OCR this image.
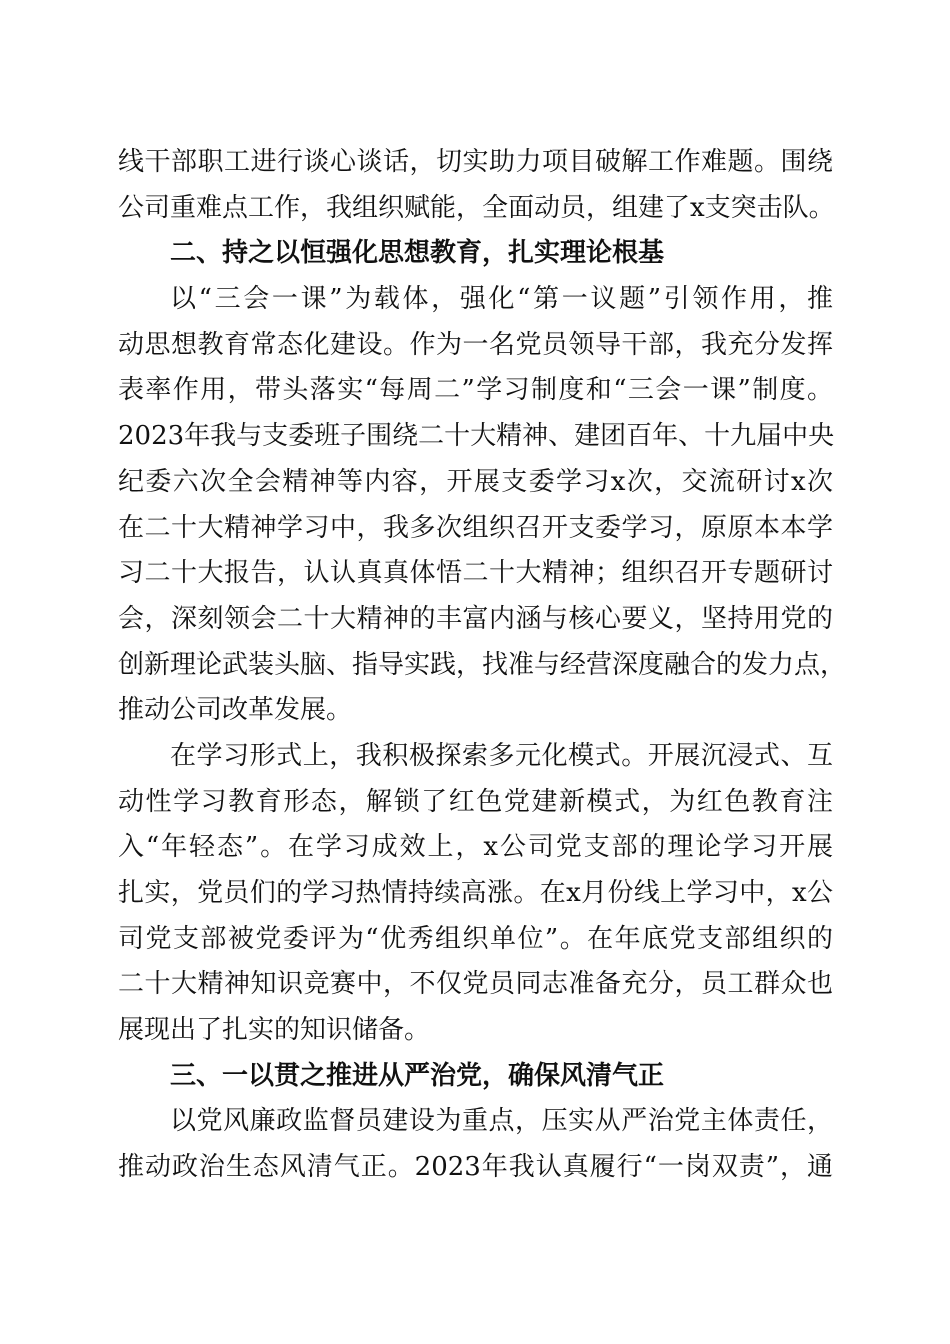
线干部职工进行谈心谈话，切实助力项目破解工作难题。围绕
公司重难点工作，我组织赋能，全面动员，组建了x支突击队。
二、持之以恒强化思想教育，扎实理论根基
以“三会一课”为载体，强化“第一议题”引领作用，推
动思想教育常态化建设。作为一名党员领导干部，我充分发挥
表率作用，带头落实“每周二”学习制度和“三会一课”制度。
2023年我与支委班子围绕二十大精神、建团百年、十九届中央
纪委六次全会精神等内容，开展支委学习x次，交流研讨x次
在二十大精神学习中，我多次组织召开支委学习，原原本本学
习二十大报告，认认真真体悟二十大精神；组织召开专题研讨
会，深刻领会二十大精神的丰富内涵与核心要义，坚持用党的
创新理论武装头脑、指导实践，找准与经营深度融合的发力点，
推动公司改革发展。
在学习形式上，我积极探索多元化模式。开展沉浸式、互
动性学习教育形态，解锁了红色党建新模式，为红色教育注
入“年轻态”。在学习成效上，x公司党支部的理论学习开展
扎实，党员们的学习热情持续高涨。在x月份线上学习中，x公
司党支部被党委评为“优秀组织单位”。在年底党支部组织的
二十大精神知识竞赛中，不仅党员同志准备充分，员工群众也
展现出了扎实的知识储备。
三、一以贯之推进从严治党，确保风清气正
以党风廉政监督员建设为重点，压实从严治党主体责任，
推动政治生态风清气正。2023年我认真履行“一岗双责”，通
